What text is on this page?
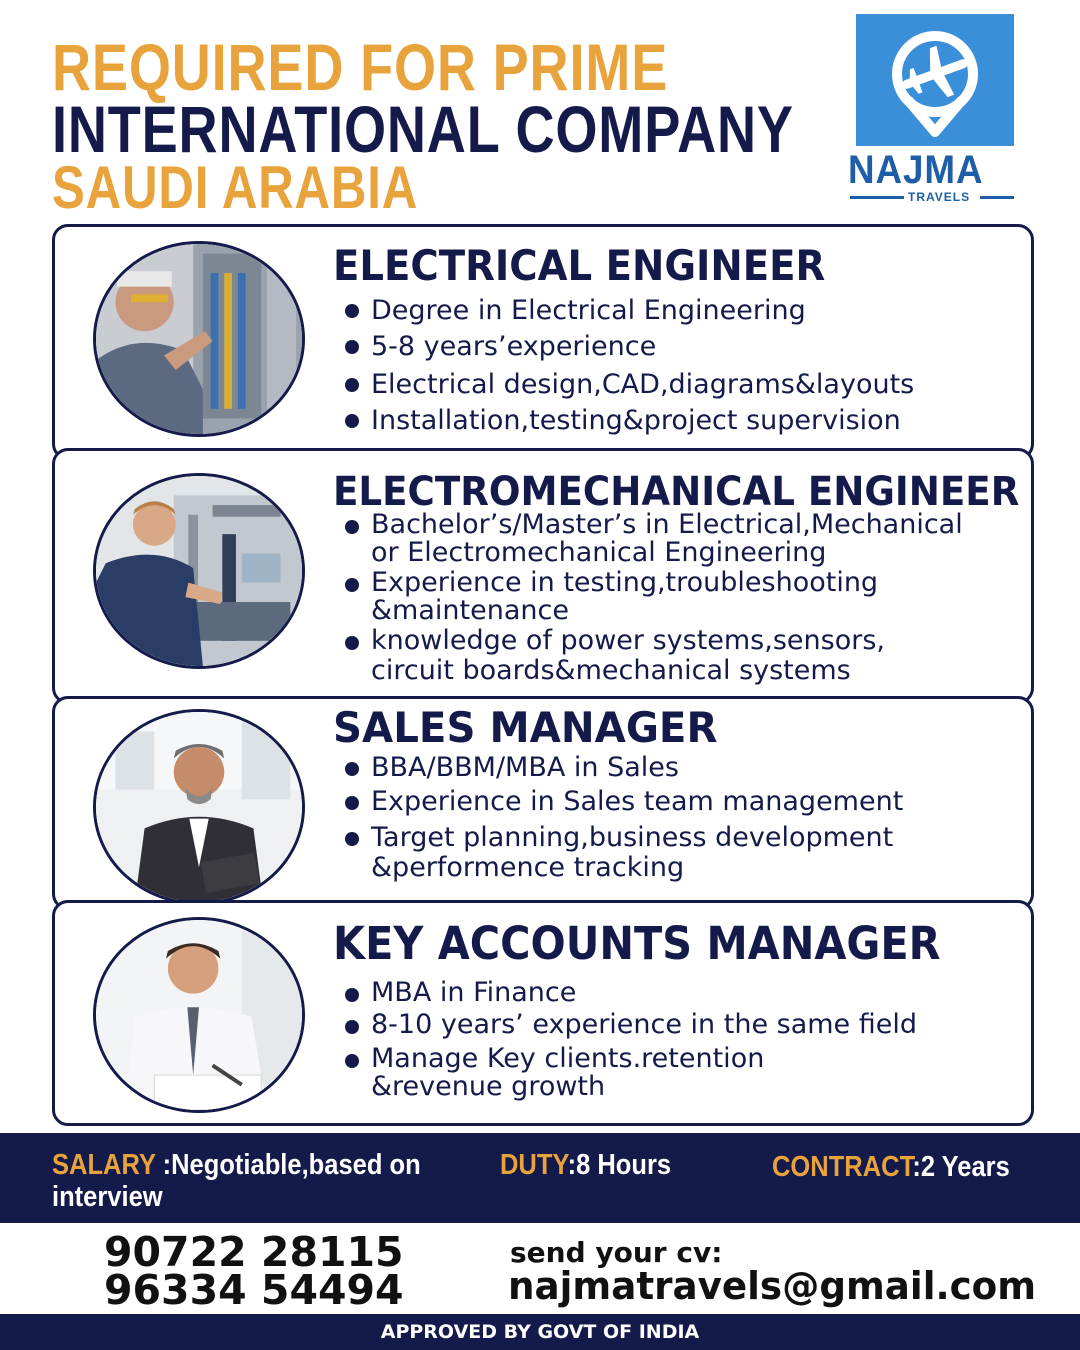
REQUIRED FOR PRIME
INTERNATIONAL COMPANY
SAUDI ARABIA	NAJMA
TRAVELS
ELECTRICAL ENGINEER
Degree in Electrical Engineering
5-8 years’experience
Electrical design,CAD,diagrams&layouts
Installation,testing&project supervision
ELECTROMECHANICAL ENGINEER
Bachelor’s/Master’s in Electrical,Mechanical
or Electromechanical Engineering
Experience in testing,troubleshooting
&maintenance
knowledge of power systems,sensors,
circuit boards&mechanical systems
SALES MANAGER
BBA/BBM/MBA in Sales
Experience in Sales team management
Target planning,business development
&performence tracking
KEY ACCOUNTS MANAGER
MBA in Finance
8-10 years’ experience in the same field
Manage Key clients.retention
&revenue growth
SALARY :Negotiable,based on
interview
DUTY:8 Hours	CONTRACT:2 Years
90722 28115
96334 54494
send your cv:
najmatravels@gmail.com
APPROVED BY GOVT OF INDIA
